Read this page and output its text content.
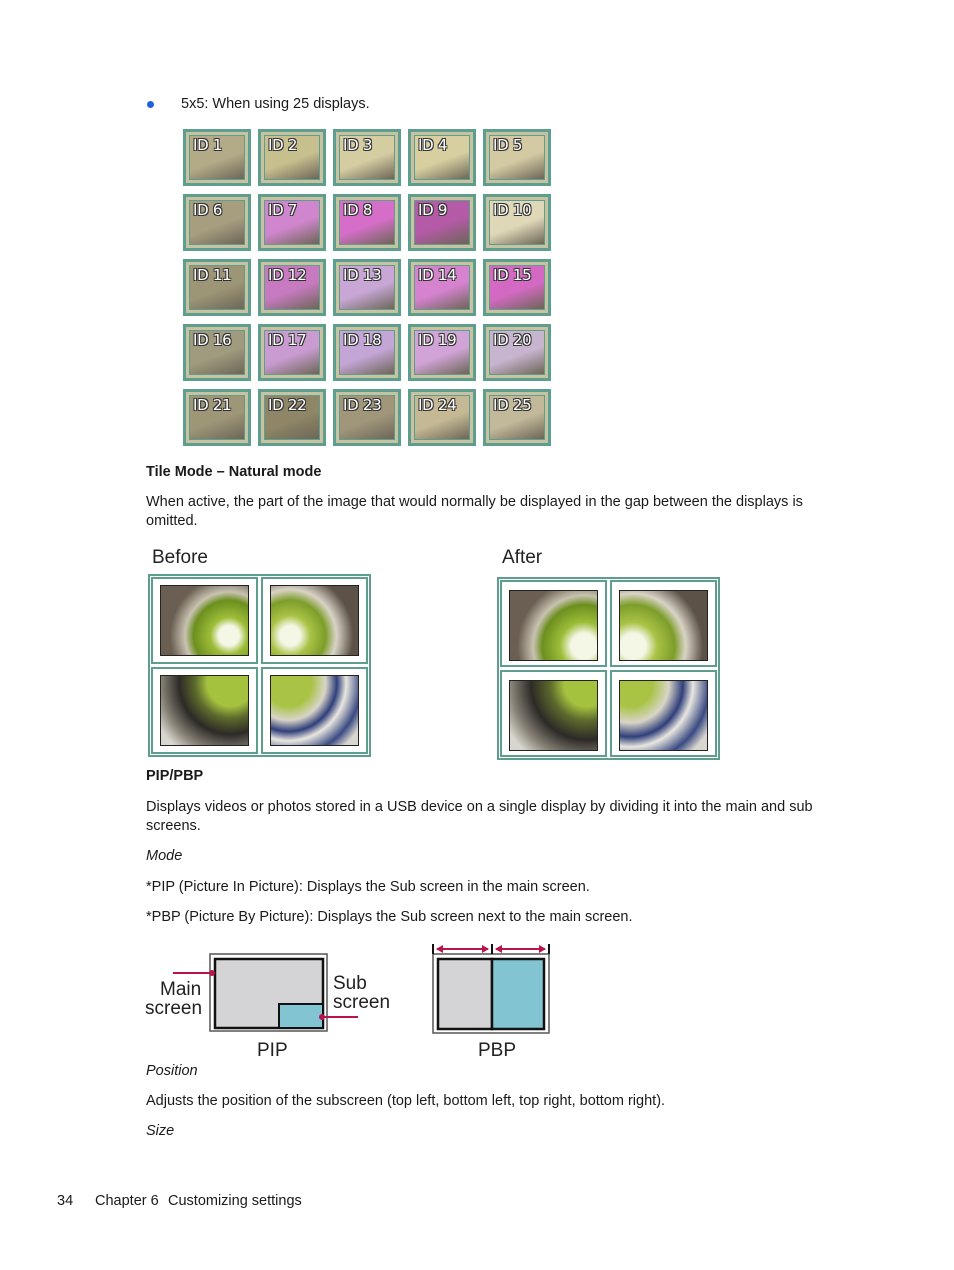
5x5: When using 25 displays.
ID 1	ID 2	ID 3	ID 4	ID 5
ID 6	ID 7	ID 8	ID 9	ID 10
ID 11 ID 12 ID 13 ID 14 ID 15
ID 16 ID 17 ID 18 ID 19 ID 20
ID 21 ID 22 ID 23 ID 24 ID 25
Tile Mode – Natural mode
When active, the part of the image that would normally be displayed in the gap between the displays is omitted.
Before	After
PIP/PBP
Displays videos or photos stored in a USB device on a single display by dividing it into the main and sub screens.
Mode
*PIP (Picture In Picture): Displays the Sub screen in the main screen.
*PBP (Picture By Picture): Displays the Sub screen next to the main screen.
Main
screen
Sub
screen
PIP	PBP
Position
Adjusts the position of the subscreen (top left, bottom left, top right, bottom right).
Size
34 Chapter 6 Customizing settings
